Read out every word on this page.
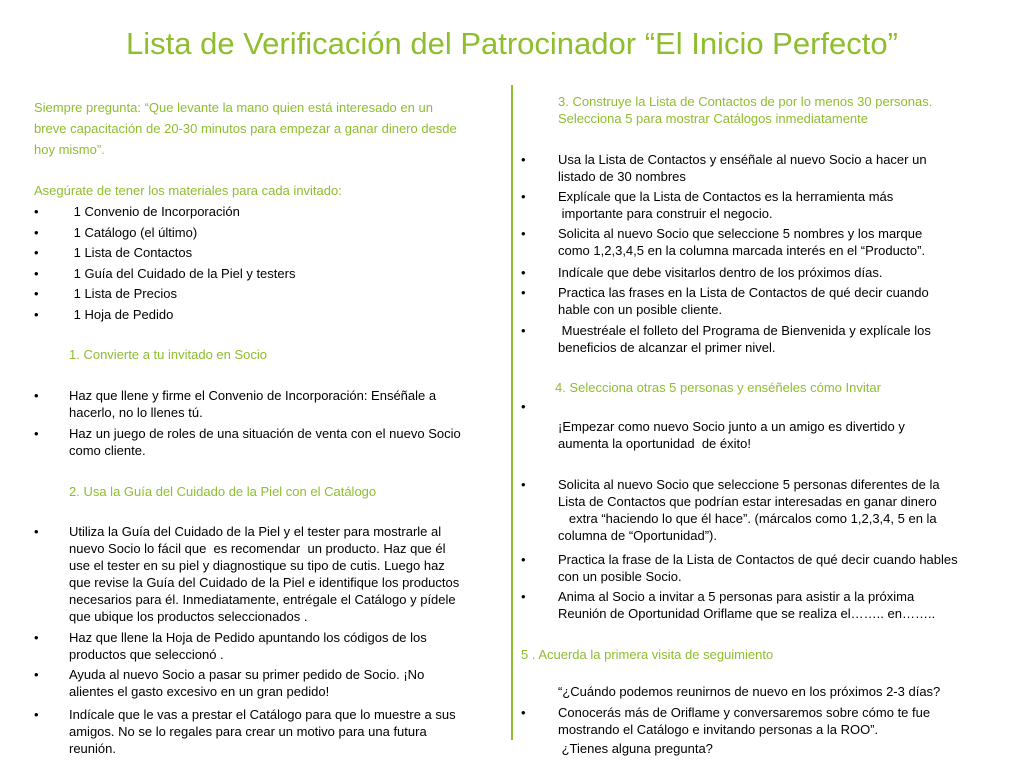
Lista de Verificación del Patrocinador “El Inicio Perfecto”
Siempre pregunta: “Que levante la mano quien está interesado en un
breve capacitación de 20-30 minutos para empezar a ganar dinero desde
hoy mismo”.
Asegúrate de tener los materiales para cada invitado:
• 1 Convenio de Incorporación
• 1 Catálogo (el último)
• 1 Lista de Contactos
• 1 Guía del Cuidado de la Piel y testers
• 1 Lista de Precios
• 1 Hoja de Pedido
1. Convierte a tu invitado en Socio
• Haz que llene y firme el Convenio de Incorporación: Enséñale a
hacerlo, no lo llenes tú.
• Haz un juego de roles de una situación de venta con el nuevo Socio
como cliente.
2. Usa la Guía del Cuidado de la Piel con el Catálogo
• Utiliza la Guía del Cuidado de la Piel y el tester para mostrarle al
nuevo Socio lo fácil que  es recomendar  un producto. Haz que él
use el tester en su piel y diagnostique su tipo de cutis. Luego haz
que revise la Guía del Cuidado de la Piel e identifique los productos
necesarios para él. Inmediatamente, entrégale el Catálogo y pídele
que ubique los productos seleccionados .
• Haz que llene la Hoja de Pedido apuntando los códigos de los
productos que seleccionó .
• Ayuda al nuevo Socio a pasar su primer pedido de Socio. ¡No
alientes el gasto excesivo en un gran pedido!
• Indícale que le vas a prestar el Catálogo para que lo muestre a sus
amigos. No se lo regales para crear un motivo para una futura
reunión.
3. Construye la Lista de Contactos de por lo menos 30 personas.
Selecciona 5 para mostrar Catálogos inmediatamente
• Usa la Lista de Contactos y enséñale al nuevo Socio a hacer un
listado de 30 nombres
• Explícale que la Lista de Contactos es la herramienta más
importante para construir el negocio.
• Solicita al nuevo Socio que seleccione 5 nombres y los marque
como 1,2,3,4,5 en la columna marcada interés en el “Producto”.
• Indícale que debe visitarlos dentro de los próximos días.
• Practica las frases en la Lista de Contactos de qué decir cuando
hable con un posible cliente.
• Muestréale el folleto del Programa de Bienvenida y explícale los
beneficios de alcanzar el primer nivel.
4. Selecciona otras 5 personas y enséñeles cómo Invitar
•
¡Empezar como nuevo Socio junto a un amigo es divertido y
aumenta la oportunidad  de éxito!
• Solicita al nuevo Socio que seleccione 5 personas diferentes de la
Lista de Contactos que podrían estar interesadas en ganar dinero
extra “haciendo lo que él hace”. (márcalos como 1,2,3,4, 5 en la
columna de “Oportunidad”).
• Practica la frase de la Lista de Contactos de qué decir cuando hables
con un posible Socio.
• Anima al Socio a invitar a 5 personas para asistir a la próxima
Reunión de Oportunidad Oriflame que se realiza el…….. en……..
5 . Acuerda la primera visita de seguimiento
“¿Cuándo podemos reunirnos de nuevo en los próximos 2-3 días?
• Conocerás más de Oriflame y conversaremos sobre cómo te fue
mostrando el Catálogo e invitando personas a la ROO”.
¿Tienes alguna pregunta?
